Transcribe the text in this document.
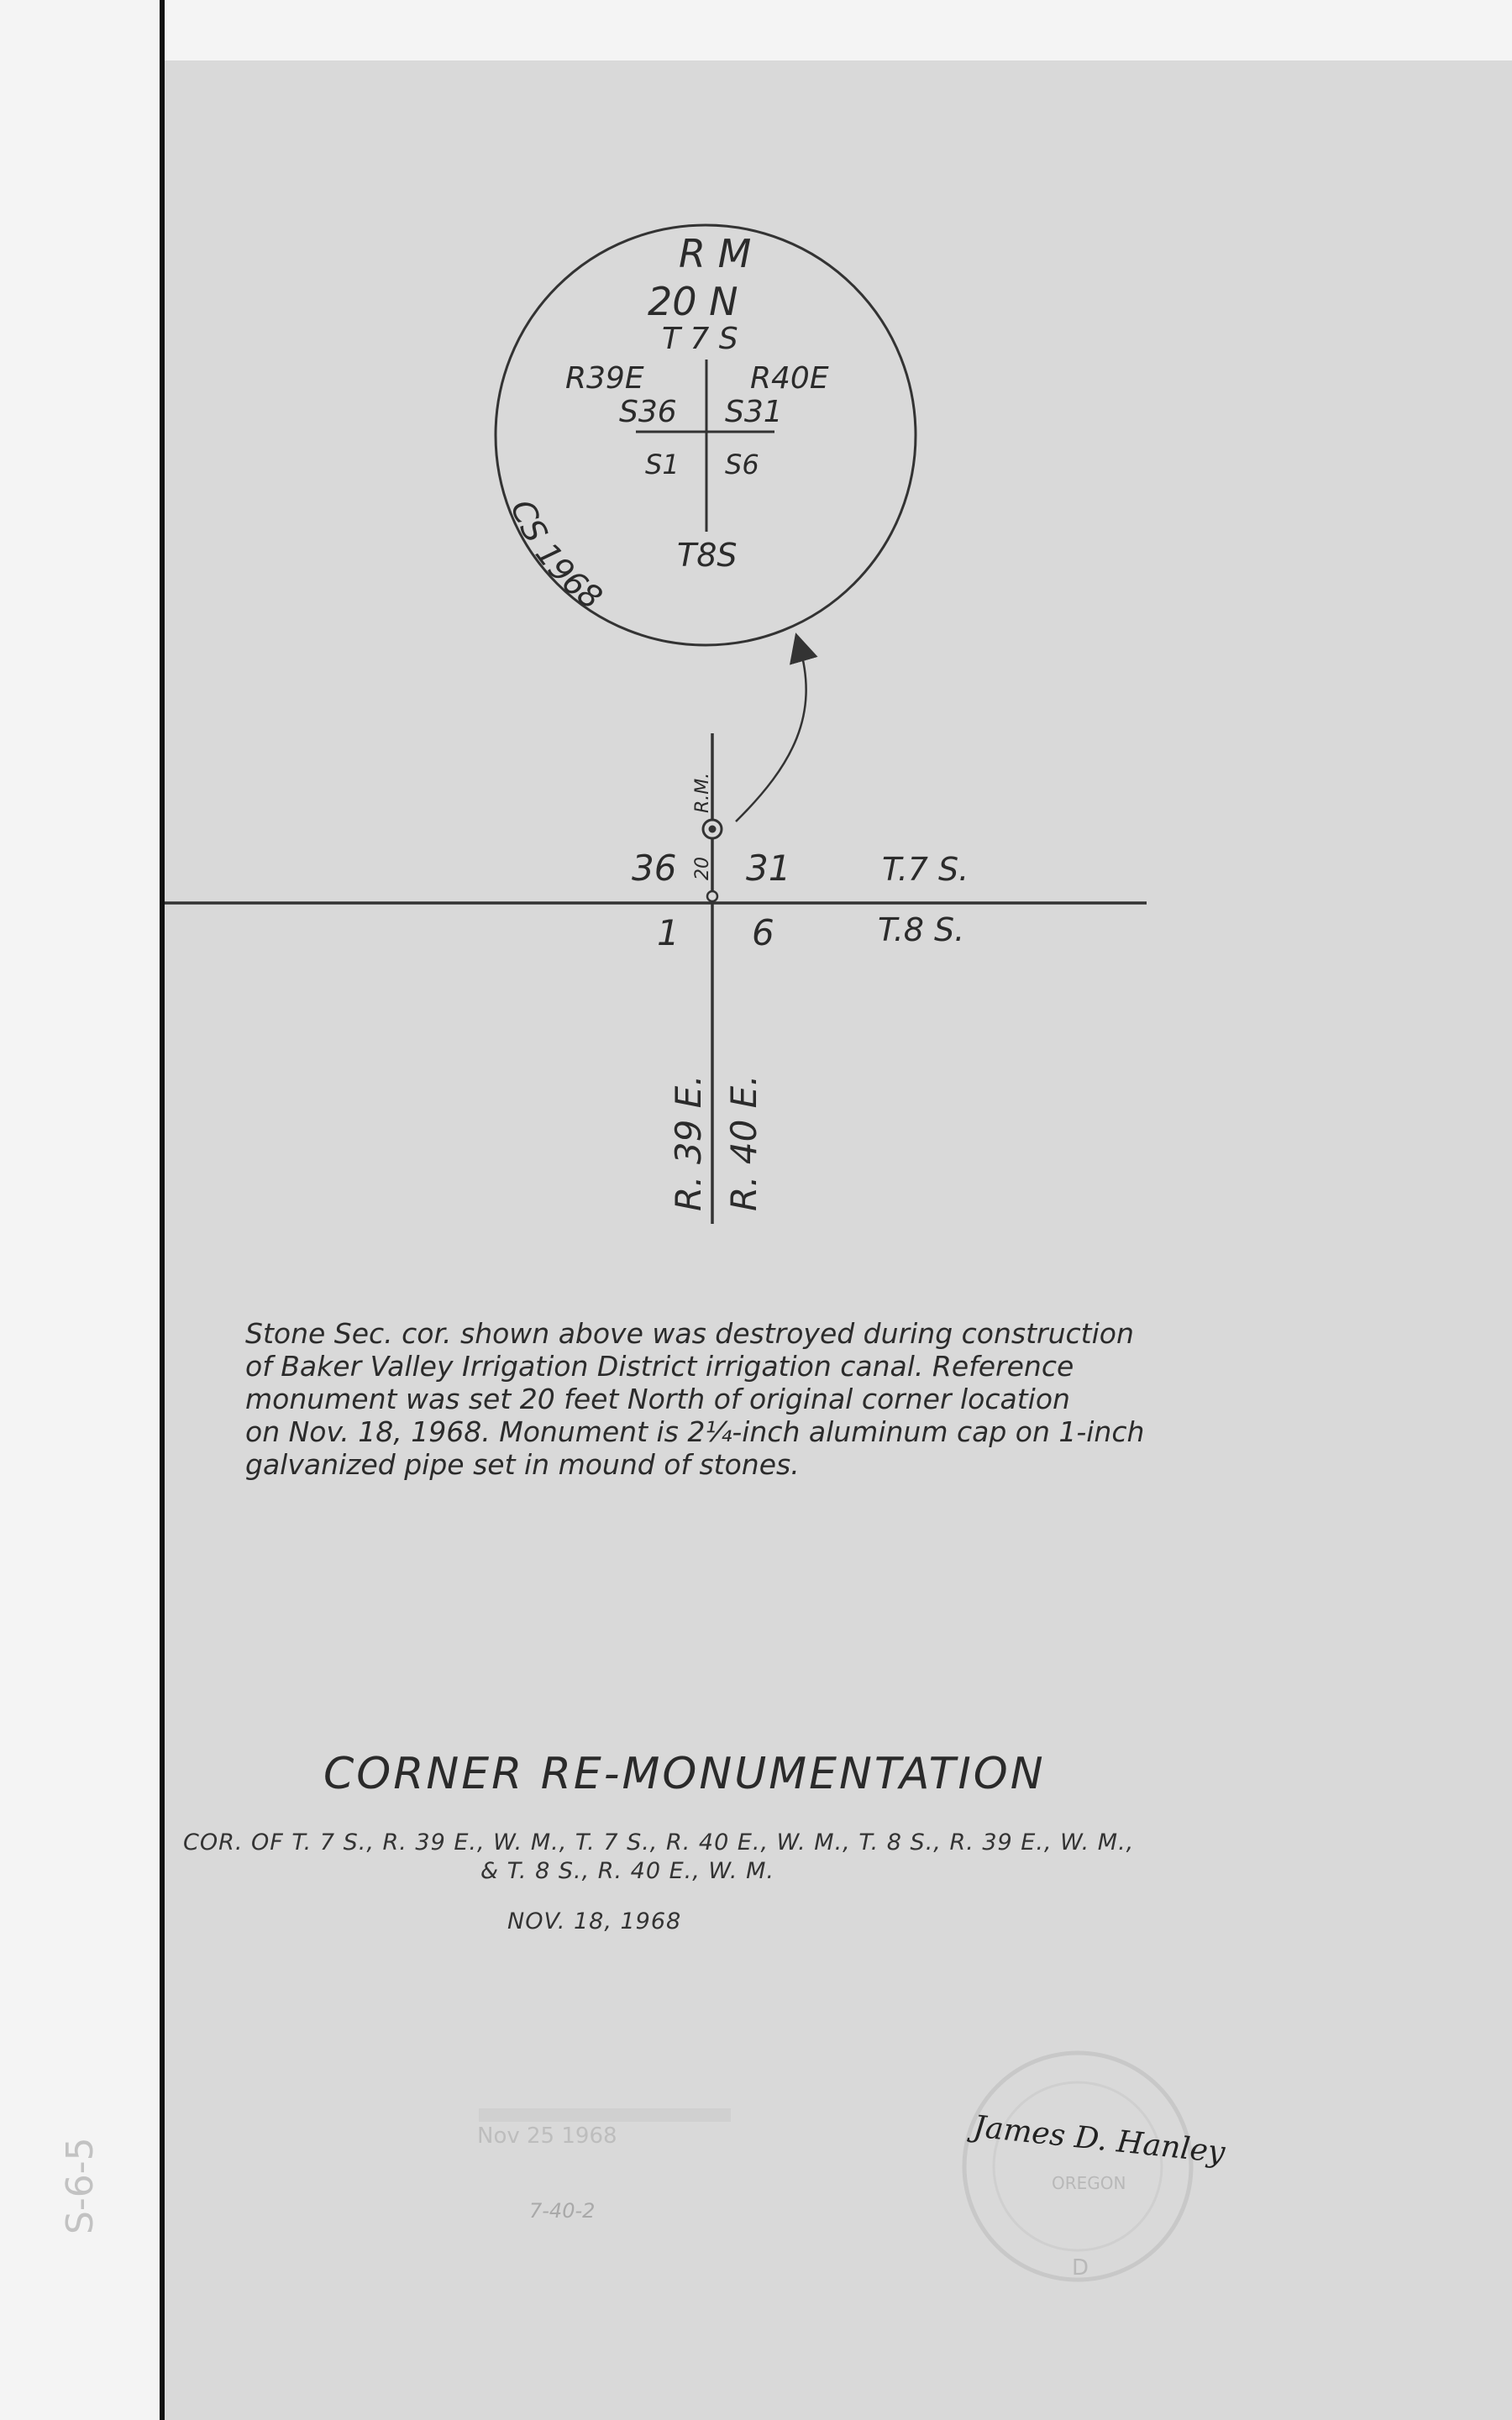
R M
20 N
T 7 S
R39E	R40E
S36 S31
S1 S6
T8S
CS 1968
R.M.
20
36 31
1 6
T.7 S.
T.8 S.
R. 39 E. R. 40 E.
OREGON
D
S-6-5
Stone Sec. cor. shown above was destroyed during construction
of Baker Valley Irrigation District irrigation canal. Reference
monument was set 20 feet North of original corner location
on Nov. 18, 1968. Monument is 2¼-inch aluminum cap on 1-inch
galvanized pipe set in mound of stones.
CORNER RE-MONUMENTATION
COR. OF T. 7 S., R. 39 E., W. M., T. 7 S., R. 40 E., W. M., T. 8 S., R. 39 E., W. M.,
& T. 8 S., R. 40 E., W. M.
NOV. 18, 1968
Nov 25 1968
7-40-2
James D. Hanley
